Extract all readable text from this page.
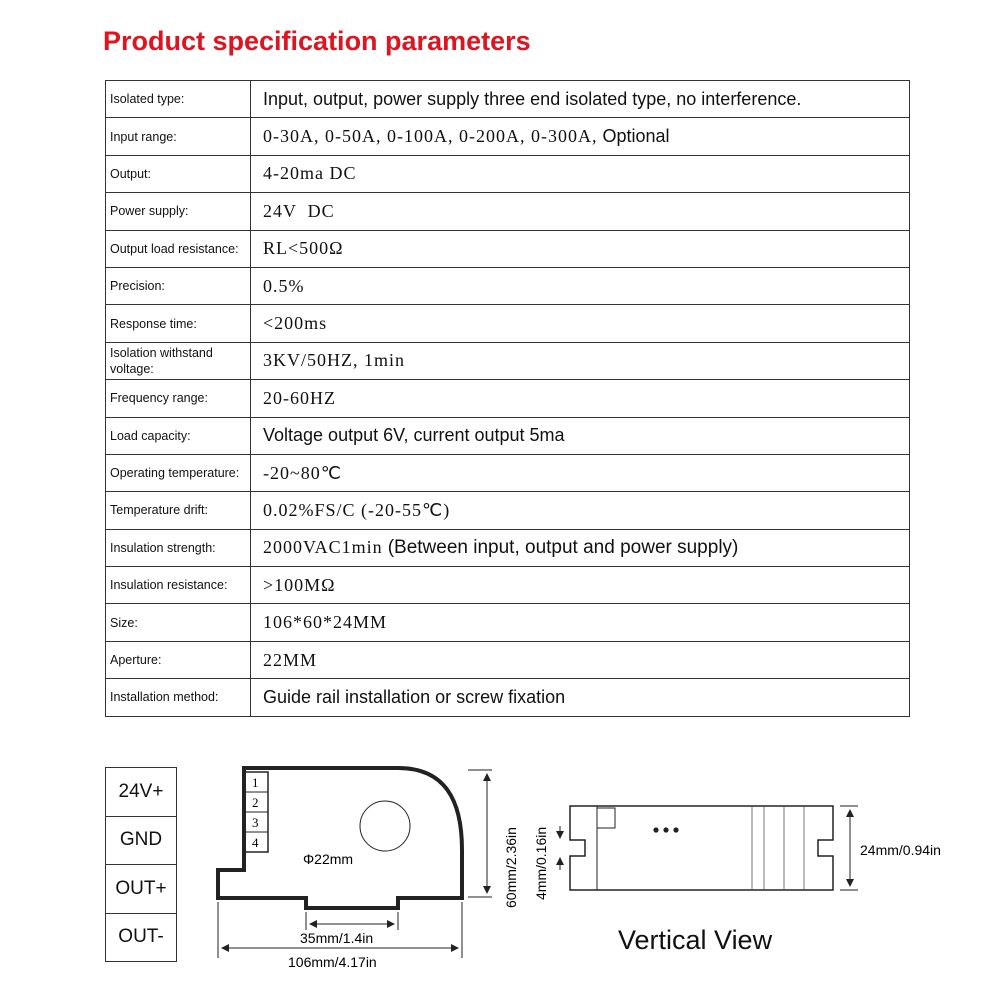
Product specification parameters
Isolated type:	Input, output, power supply three end isolated type, no interference.
Input range:	0-30A, 0-50A, 0-100A, 0-200A, 0-300A, Optional
Output:	4-20ma DC
Power supply:	24V  DC
Output load resistance:	RL<500Ω
Precision:	0.5%
Response time:	<200ms
Isolation withstand voltage:	3KV/50HZ, 1min
Frequency range:	20-60HZ
Load capacity:	Voltage output 6V, current output 5ma
Operating temperature:	-20~80℃
Temperature drift:	0.02%FS/C (-20-55℃)
Insulation strength:	2000VAC1min (Between input, output and power supply)
Insulation resistance:	>100MΩ
Size:	106*60*24MM
Aperture:	22MM
Installation method:	Guide rail installation or screw fixation
24V+
GND
OUT+
OUT-
1
2
3
4
Φ22mm	60mm/2.36in
35mm/1.4in
106mm/4.17in
4mm/0.16in	24mm/0.94in
Vertical View
